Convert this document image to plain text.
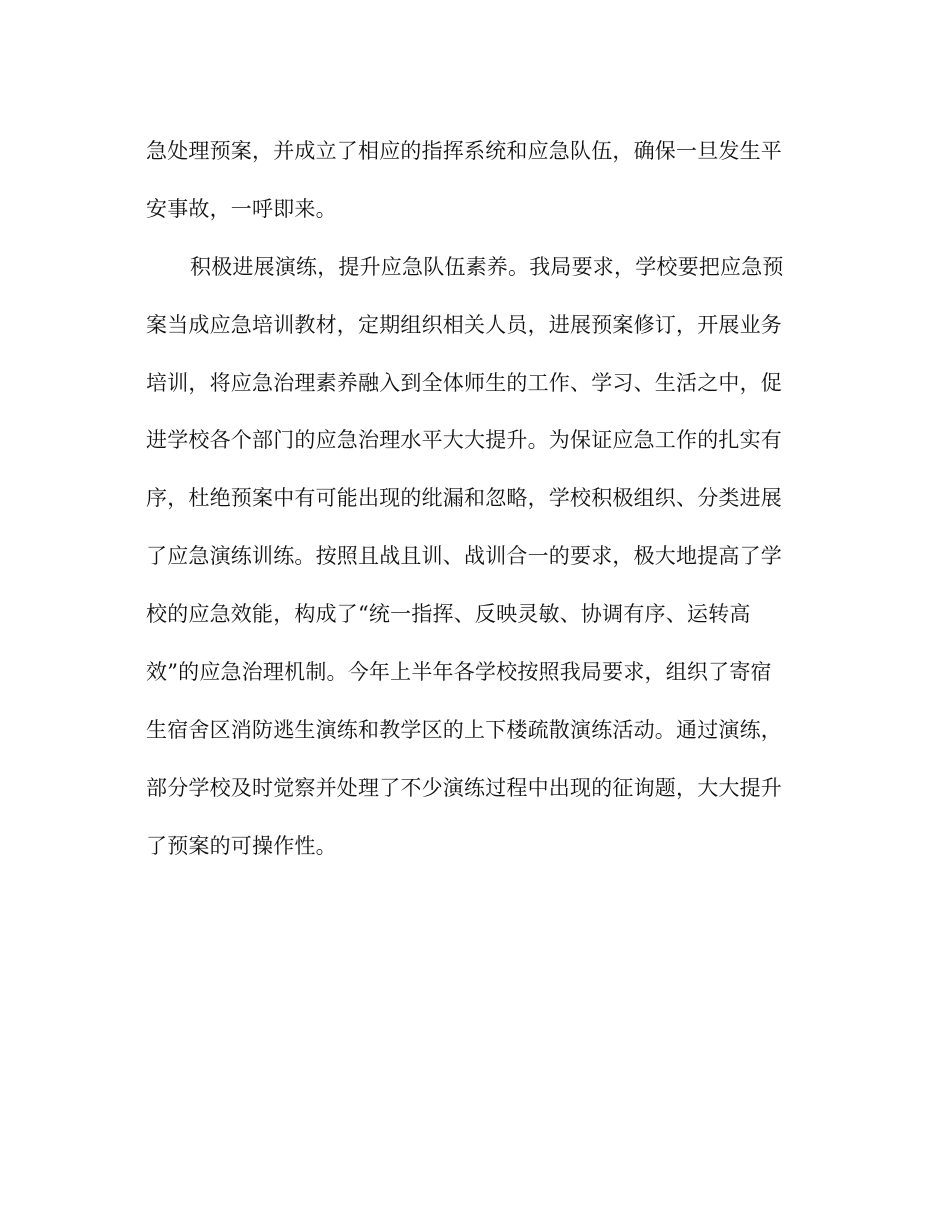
急处理预案，并成立了相应的指挥系统和应急队伍，确保一旦发生平
安事故，一呼即来。
积极进展演练，提升应急队伍素养。我局要求，学校要把应急预
案当成应急培训教材，定期组织相关人员，进展预案修订，开展业务
培训，将应急治理素养融入到全体师生的工作、学习、生活之中，促
进学校各个部门的应急治理水平大大提升。为保证应急工作的扎实有
序，杜绝预案中有可能出现的纰漏和忽略，学校积极组织、分类进展
了应急演练训练。按照且战且训、战训合一的要求，极大地提高了学
校的应急效能，构成了“统一指挥、反映灵敏、协调有序、运转高
效”的应急治理机制。今年上半年各学校按照我局要求，组织了寄宿
生宿舍区消防逃生演练和教学区的上下楼疏散演练活动。通过演练，
部分学校及时觉察并处理了不少演练过程中出现的征询题，大大提升
了预案的可操作性。
